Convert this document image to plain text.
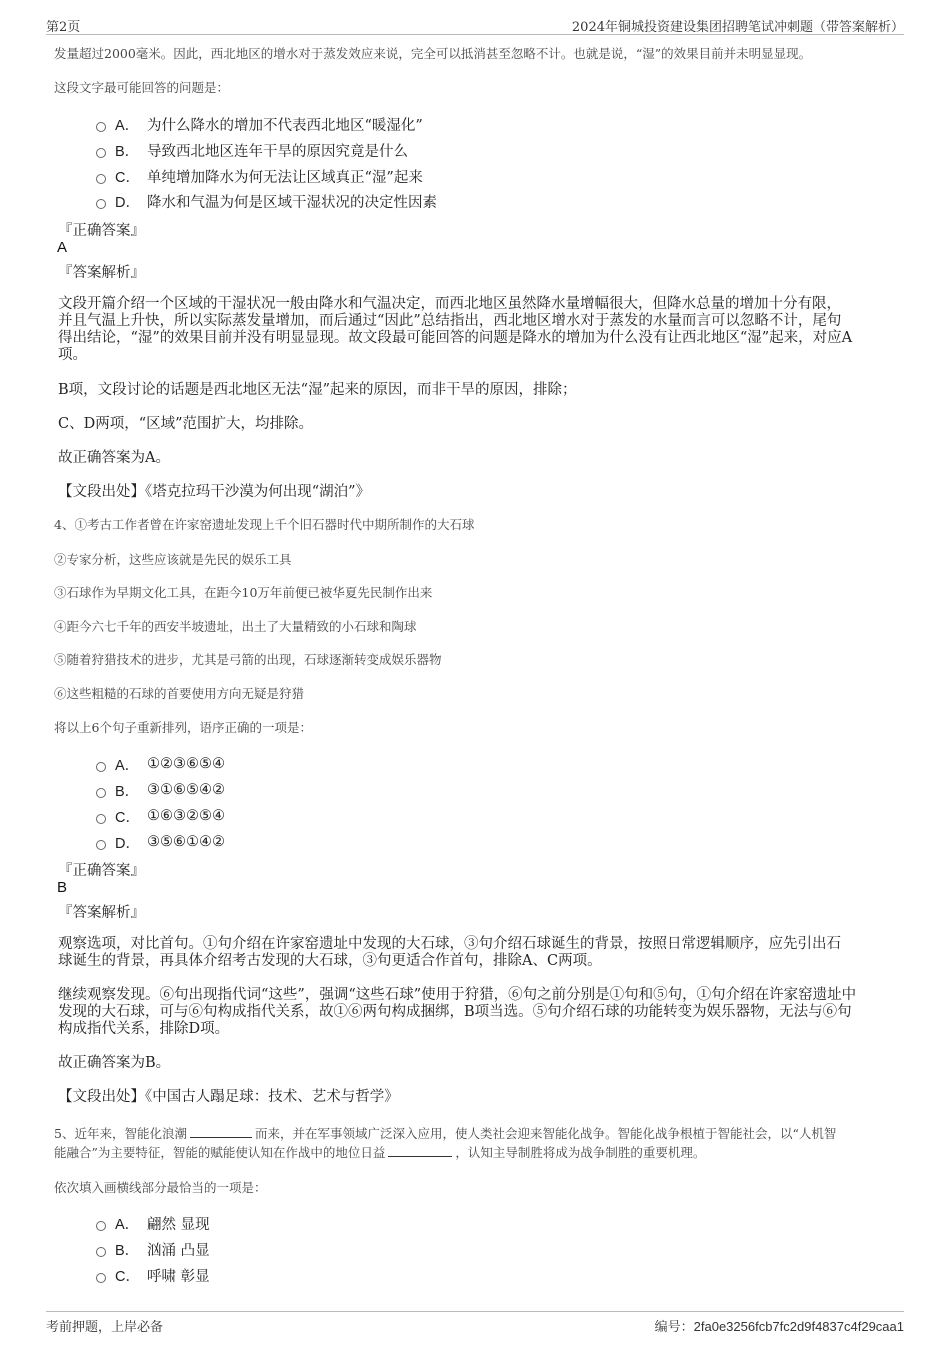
第2页	2024年铜城投资建设集团招聘笔试冲刺题（带答案解析）
发量超过2000毫米。因此，西北地区的增水对于蒸发效应来说，完全可以抵消甚至忽略不计。也就是说，“湿”的效果目前并未明显显现。
这段文字最可能回答的问题是：
A． 为什么降水的增加不代表西北地区“暖湿化”
B． 导致西北地区连年干旱的原因究竟是什么
C． 单纯增加降水为何无法让区域真正“湿”起来
D． 降水和气温为何是区域干湿状况的决定性因素
『正确答案』
A
『答案解析』
文段开篇介绍一个区域的干湿状况一般由降水和气温决定，而西北地区虽然降水量增幅很大，但降水总量的增加十分有限，
并且气温上升快，所以实际蒸发量增加，而后通过“因此”总结指出，西北地区增水对于蒸发的水量而言可以忽略不计，尾句
得出结论，“湿”的效果目前并没有明显显现。故文段最可能回答的问题是降水的增加为什么没有让西北地区“湿”起来，对应A
项。
B项，文段讨论的话题是西北地区无法“湿”起来的原因，而非干旱的原因，排除；
C、D两项，“区域”范围扩大，均排除。
故正确答案为A。
【文段出处】《塔克拉玛干沙漠为何出现“湖泊”》
4、①考古工作者曾在许家窑遗址发现上千个旧石器时代中期所制作的大石球
②专家分析，这些应该就是先民的娱乐工具
③石球作为早期文化工具，在距今10万年前便已被华夏先民制作出来
④距今六七千年的西安半坡遗址，出土了大量精致的小石球和陶球
⑤随着狩猎技术的进步，尤其是弓箭的出现，石球逐渐转变成娱乐器物
⑥这些粗糙的石球的首要使用方向无疑是狩猎
将以上6个句子重新排列，语序正确的一项是：
A． ①②③⑥⑤④
B． ③①⑥⑤④②
C． ①⑥③②⑤④
D． ③⑤⑥①④②
『正确答案』
B
『答案解析』
观察选项，对比首句。①句介绍在许家窑遗址中发现的大石球，③句介绍石球诞生的背景，按照日常逻辑顺序，应先引出石
球诞生的背景，再具体介绍考古发现的大石球，③句更适合作首句，排除A、C两项。
继续观察发现。⑥句出现指代词“这些”，强调“这些石球”使用于狩猎，⑥句之前分别是①句和⑤句，①句介绍在许家窑遗址中
发现的大石球，可与⑥句构成指代关系，故①⑥两句构成捆绑，B项当选。⑤句介绍石球的功能转变为娱乐器物，无法与⑥句
构成指代关系，排除D项。
故正确答案为B。
【文段出处】《中国古人蹋足球：技术、艺术与哲学》
5、近年来，智能化浪潮	而来，并在军事领域广泛深入应用，使人类社会迎来智能化战争。智能化战争根植于智能社会，以“人机智
能融合”为主要特征，智能的赋能使认知在作战中的地位日益	，认知主导制胜将成为战争制胜的重要机理。
依次填入画横线部分最恰当的一项是：
A． 翩然 显现
B． 汹涌 凸显
C． 呼啸 彰显
考前押题，上岸必备	编号：2fa0e3256fcb7fc2d9f4837c4f29caa1
